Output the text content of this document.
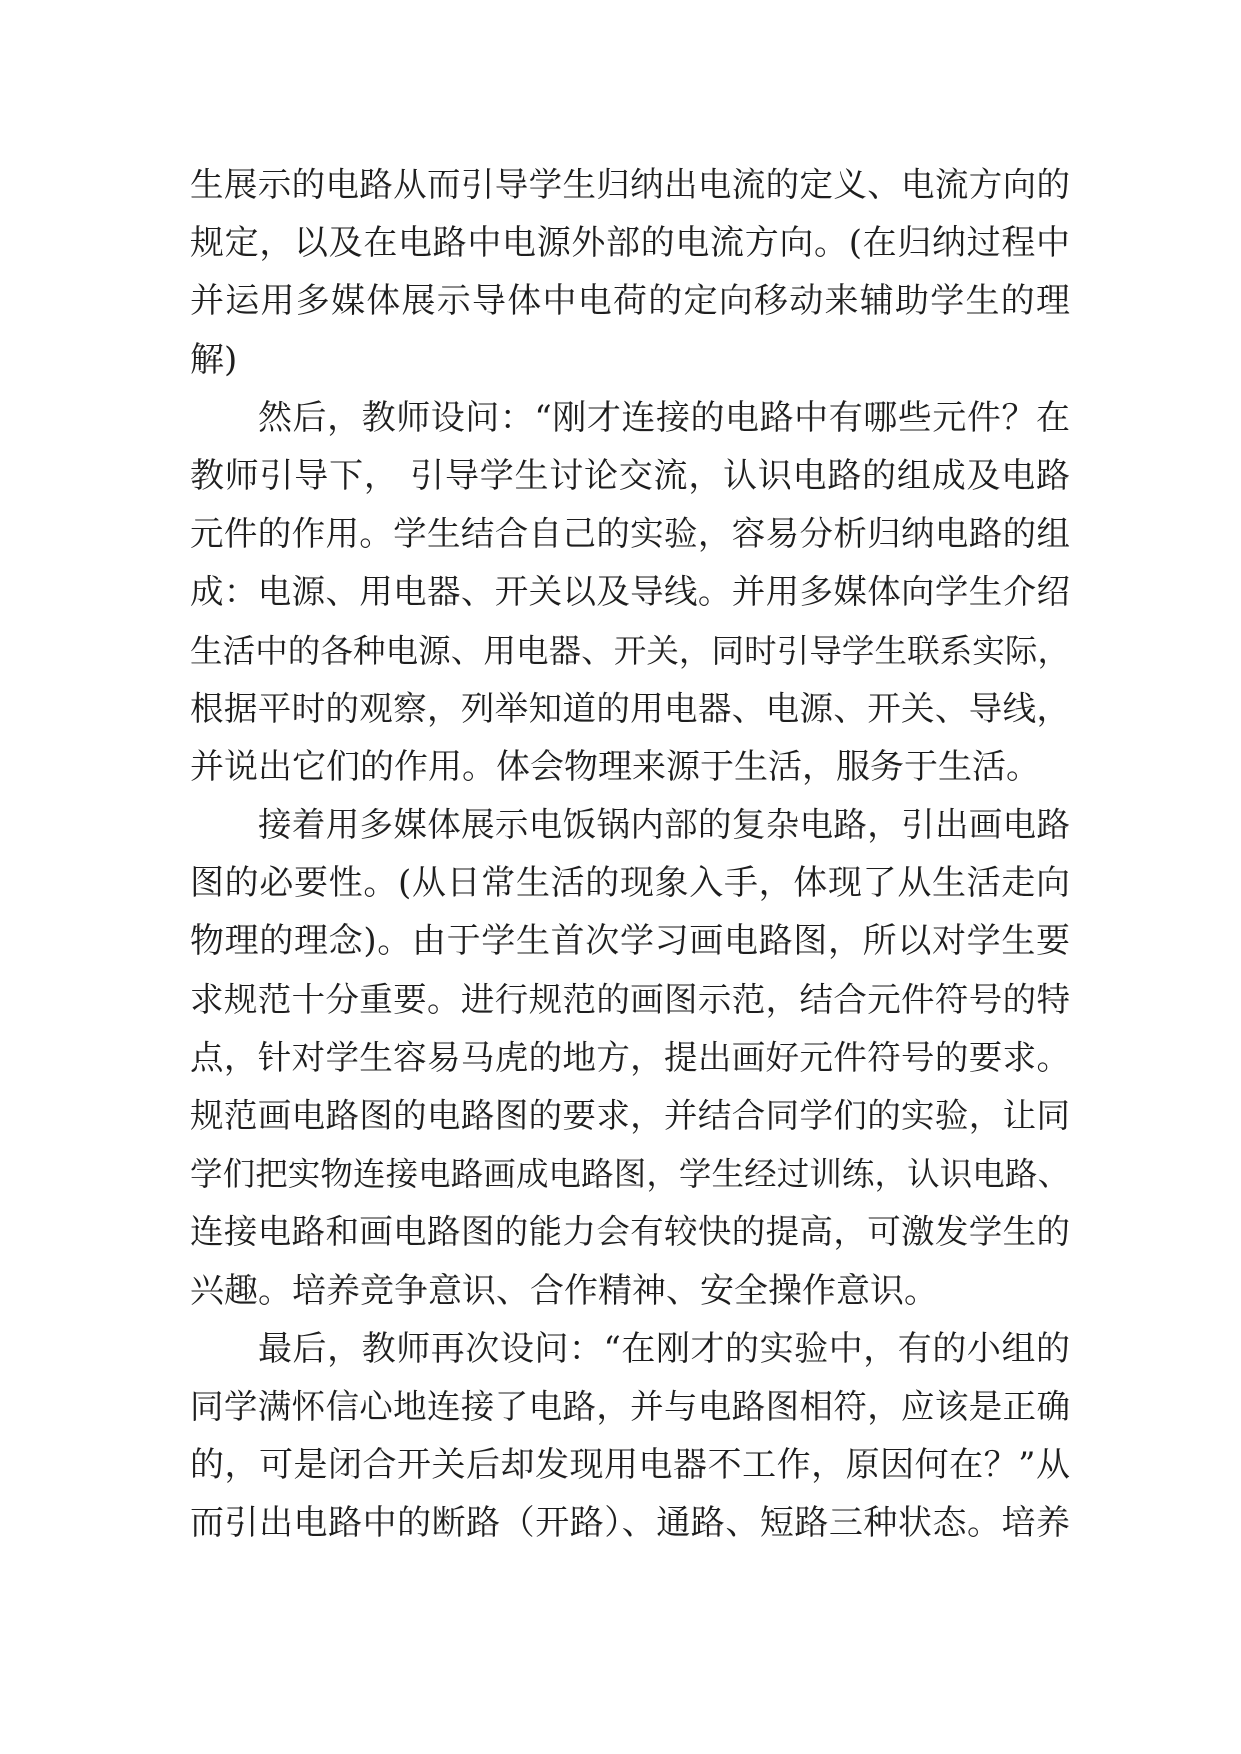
生展示的电路从而引导学生归纳出电流的定义、电流方向的
规定，以及在电路中电源外部的电流方向。(在归纳过程中
并运用多媒体展示导体中电荷的定向移动来辅助学生的理
解)
然后，教师设问：“刚才连接的电路中有哪些元件？在
教师引导下， 引导学生讨论交流，认识电路的组成及电路
元件的作用。学生结合自己的实验，容易分析归纳电路的组
成：电源、用电器、开关以及导线。并用多媒体向学生介绍
生活中的各种电源、用电器、开关，同时引导学生联系实际，
根据平时的观察，列举知道的用电器、电源、开关、导线，
并说出它们的作用。体会物理来源于生活，服务于生活。
接着用多媒体展示电饭锅内部的复杂电路，引出画电路
图的必要性。(从日常生活的现象入手，体现了从生活走向
物理的理念)。由于学生首次学习画电路图，所以对学生要
求规范十分重要。进行规范的画图示范，结合元件符号的特
点，针对学生容易马虎的地方，提出画好元件符号的要求。
规范画电路图的电路图的要求，并结合同学们的实验，让同
学们把实物连接电路画成电路图，学生经过训练，认识电路、
连接电路和画电路图的能力会有较快的提高，可激发学生的
兴趣。培养竞争意识、合作精神、安全操作意识。
最后，教师再次设问：“在刚才的实验中，有的小组的
同学满怀信心地连接了电路，并与电路图相符，应该是正确
的，可是闭合开关后却发现用电器不工作，原因何在？”从
而引出电路中的断路（开路）、通路、短路三种状态。培养
